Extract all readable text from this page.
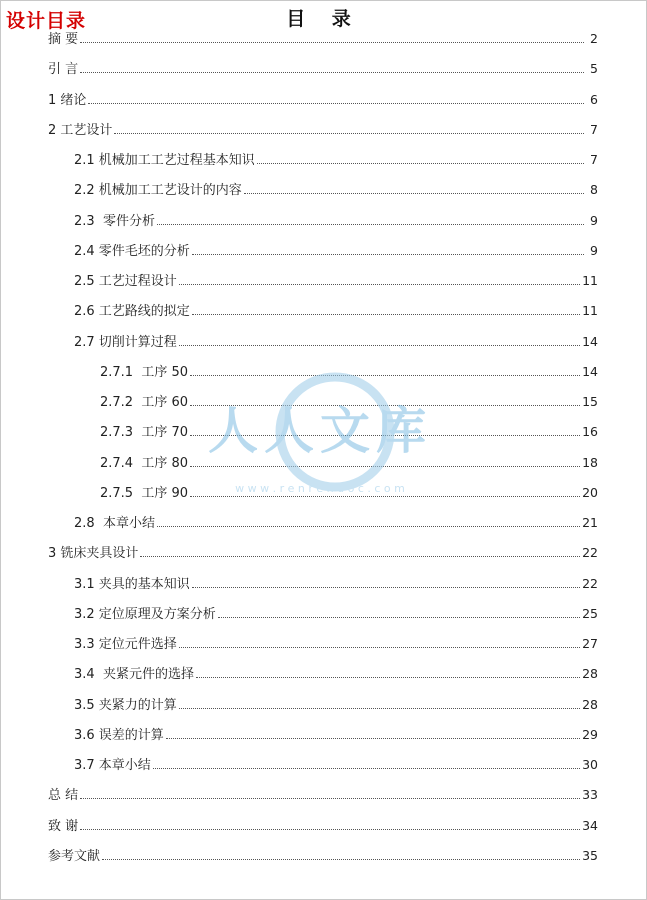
设计目录	目 录
摘 要	2
引 言	5
1 绪论	6
2 工艺设计	7
2.1 机械加工工艺过程基本知识	7
2.2 机械加工工艺设计的内容	8
2.3  零件分析	9
2.4 零件毛坯的分析	9
2.5 工艺过程设计	11
2.6 工艺路线的拟定	11
2.7 切削计算过程	14
2.7.1  工序 50	14
2.7.2  工序 60	15
2.7.3  工序 70	16
2.7.4  工序 80	18
2.7.5  工序 90	20
2.8  本章小结	21
3 铣床夹具设计	22
3.1 夹具的基本知识	22
3.2 定位原理及方案分析	25
3.3 定位元件选择	27
3.4  夹紧元件的选择	28
3.5 夹紧力的计算	28
3.6 误差的计算	29
3.7 本章小结	30
总 结	33
致 谢	34
参考文献	35
人人文库
w w w . r e n r e n d o c . c o m
